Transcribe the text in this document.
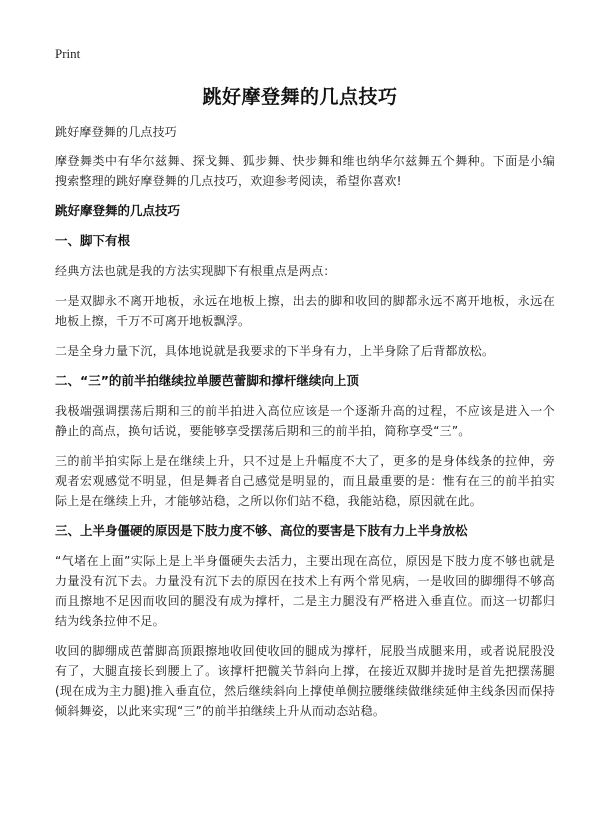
Print
跳好摩登舞的几点技巧

跳好摩登舞的几点技巧

摩登舞类中有华尔兹舞、探戈舞、狐步舞、快步舞和维也纳华尔兹舞五个舞种。下面是小编搜索整理的跳好摩登舞的几点技巧，欢迎参考阅读，希望你喜欢!

跳好摩登舞的几点技巧

一、脚下有根

经典方法也就是我的方法实现脚下有根重点是两点：

一是双脚永不离开地板，永远在地板上擦，出去的脚和收回的脚都永远不离开地板，永远在地板上擦，千万不可离开地板飘浮。

二是全身力量下沉，具体地说就是我要求的下半身有力，上半身除了后背都放松。

二、“三”的前半拍继续拉单腰芭蕾脚和撑杆继续向上顶

我极端强调摆荡后期和三的前半拍进入高位应该是一个逐渐升高的过程，不应该是进入一个静止的高点，换句话说，要能够享受摆荡后期和三的前半拍，简称享受“三”。

三的前半拍实际上是在继续上升，只不过是上升幅度不大了，更多的是身体线条的拉伸，旁观者宏观感觉不明显，但是舞者自己感觉是明显的，而且最重要的是：惟有在三的前半拍实际上是在继续上升，才能够站稳，之所以你们站不稳，我能站稳，原因就在此。

三、上半身僵硬的原因是下肢力度不够、高位的要害是下肢有力上半身放松

“气堵在上面”实际上是上半身僵硬失去活力，主要出现在高位，原因是下肢力度不够也就是力量没有沉下去。力量没有沉下去的原因在技术上有两个常见病，一是收回的脚绷得不够高而且擦地不足因而收回的腿没有成为撑杆，二是主力腿没有严格进入垂直位。而这一切都归结为线条拉伸不足。

收回的脚绷成芭蕾脚高顶跟擦地收回使收回的腿成为撑杆，屁股当成腿来用，或者说屁股没有了，大腿直接长到腰上了。该撑杆把髋关节斜向上撑，在接近双脚并拢时是首先把摆荡腿(现在成为主力腿)推入垂直位，然后继续斜向上撑使单侧拉腰继续做继续延伸主线条因而保持倾斜舞姿，以此来实现“三”的前半拍继续上升从而动态站稳。
